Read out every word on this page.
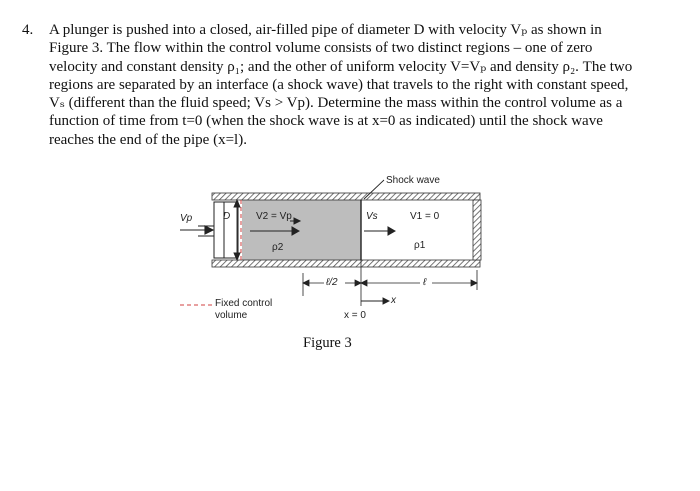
4. A plunger is pushed into a closed, air-filled pipe of diameter D with velocity Vₚ as shown in
Figure 3. The flow within the control volume consists of two distinct regions – one of zero
velocity and constant density ρ₁; and the other of uniform velocity V=Vₚ and density ρ₂. The two
regions are separated by an interface (a shock wave) that travels to the right with constant speed,
Vₛ (different than the fluid speed; Vs > Vp). Determine the mass within the control volume as a
function of time from t=0 (when the shock wave is at x=0 as indicated) until the shock wave
reaches the end of the pipe (x=l).
Shock wave
Vp	D	V2 = Vp
ρ2
Vs	V1 = 0
ρ1
ℓ/2	ℓ
x
x = 0
Fixed control
volume
Figure 3
